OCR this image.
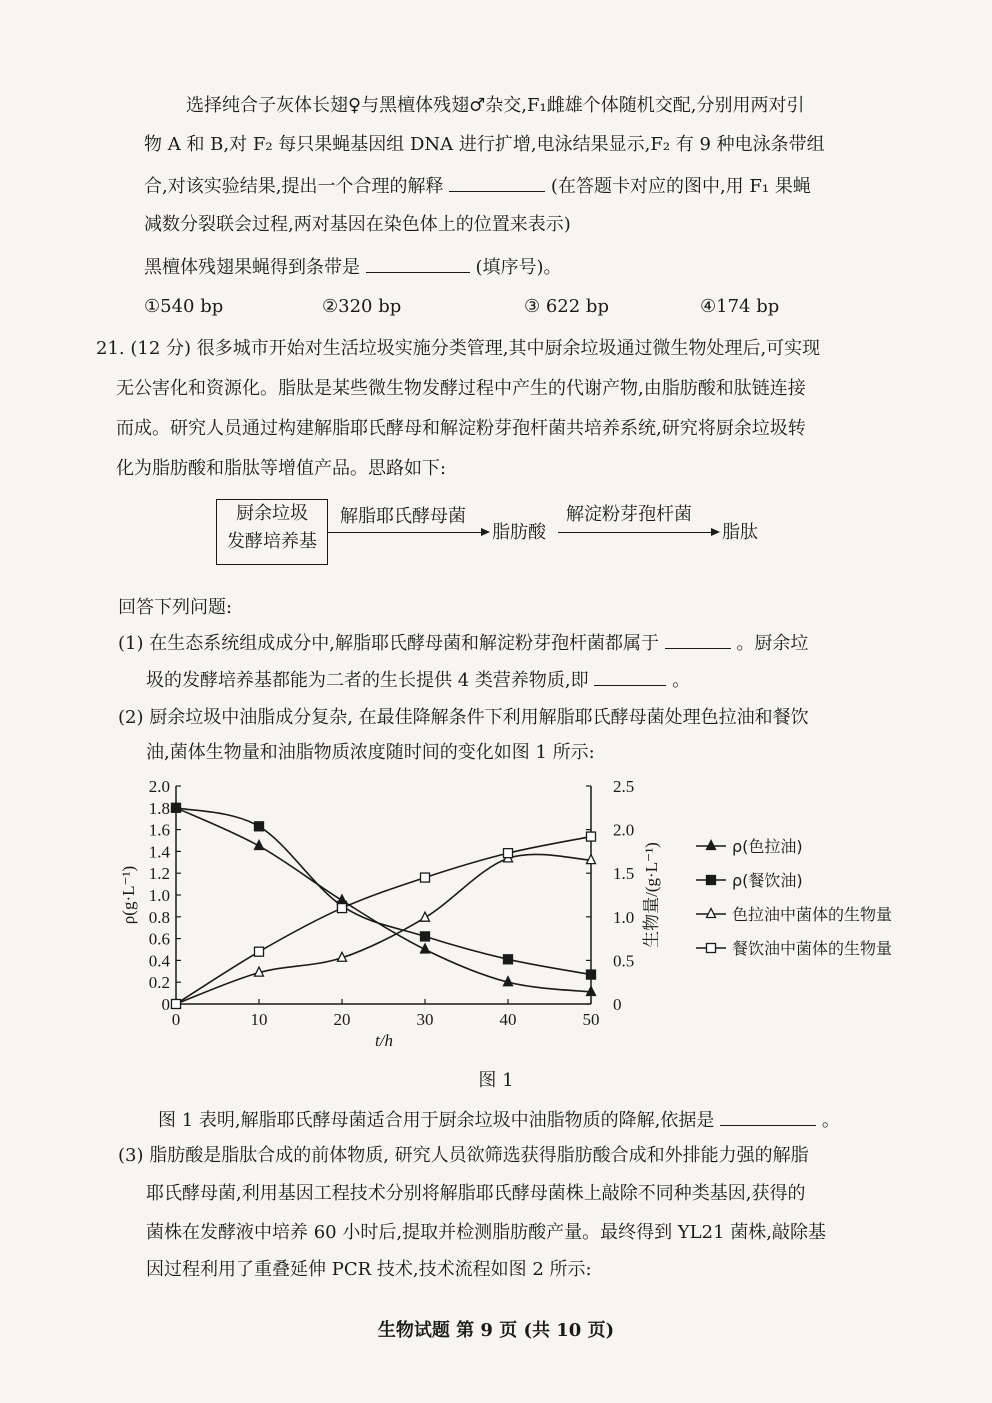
选择纯合子灰体长翅♀与黑檀体残翅♂杂交,F₁雌雄个体随机交配,分别用两对引
物 A 和 B,对 F₂ 每只果蝇基因组 DNA 进行扩增,电泳结果显示,F₂ 有 9 种电泳条带组
合,对该实验结果,提出一个合理的解释	(在答题卡对应的图中,用 F₁ 果蝇
减数分裂联会过程,两对基因在染色体上的位置来表示)
黑檀体残翅果蝇得到条带是	(填序号)。
①540 bp	②320 bp	③ 622 bp	④174 bp
21. (12 分) 很多城市开始对生活垃圾实施分类管理,其中厨余垃圾通过微生物处理后,可实现
无公害化和资源化。脂肽是某些微生物发酵过程中产生的代谢产物,由脂肪酸和肽链连接
而成。研究人员通过构建解脂耶氏酵母和解淀粉芽孢杆菌共培养系统,研究将厨余垃圾转
化为脂肪酸和脂肽等增值产品。思路如下:
厨余垃圾
发酵培养基
解脂耶氏酵母菌
脂肪酸
解淀粉芽孢杆菌
脂肽
回答下列问题:
(1) 在生态系统组成成分中,解脂耶氏酵母菌和解淀粉芽孢杆菌都属于	。厨余垃
圾的发酵培养基都能为二者的生长提供 4 类营养物质,即	。
(2) 厨余垃圾中油脂成分复杂, 在最佳降解条件下利用解脂耶氏酵母菌处理色拉油和餐饮
油,菌体生物量和油脂物质浓度随时间的变化如图 1 所示:
0
0.2
0.4
0.6
0.8
1.0
1.2
1.4
1.6
1.8
2.0
0
0.5
1.0
1.5
2.0
2.5
0	10	20	30	40	50
t/h
ρ(g·L⁻¹)	生物量/(g·L⁻¹)	ρ(色拉油)
ρ(餐饮油)
色拉油中菌体的生物量
餐饮油中菌体的生物量
图 1
图 1 表明,解脂耶氏酵母菌适合用于厨余垃圾中油脂物质的降解,依据是	。
(3) 脂肪酸是脂肽合成的前体物质, 研究人员欲筛选获得脂肪酸合成和外排能力强的解脂
耶氏酵母菌,利用基因工程技术分别将解脂耶氏酵母菌株上敲除不同种类基因,获得的
菌株在发酵液中培养 60 小时后,提取并检测脂肪酸产量。最终得到 YL21 菌株,敲除基
因过程利用了重叠延伸 PCR 技术,技术流程如图 2 所示:
生物试题 第 9 页 (共 10 页)
